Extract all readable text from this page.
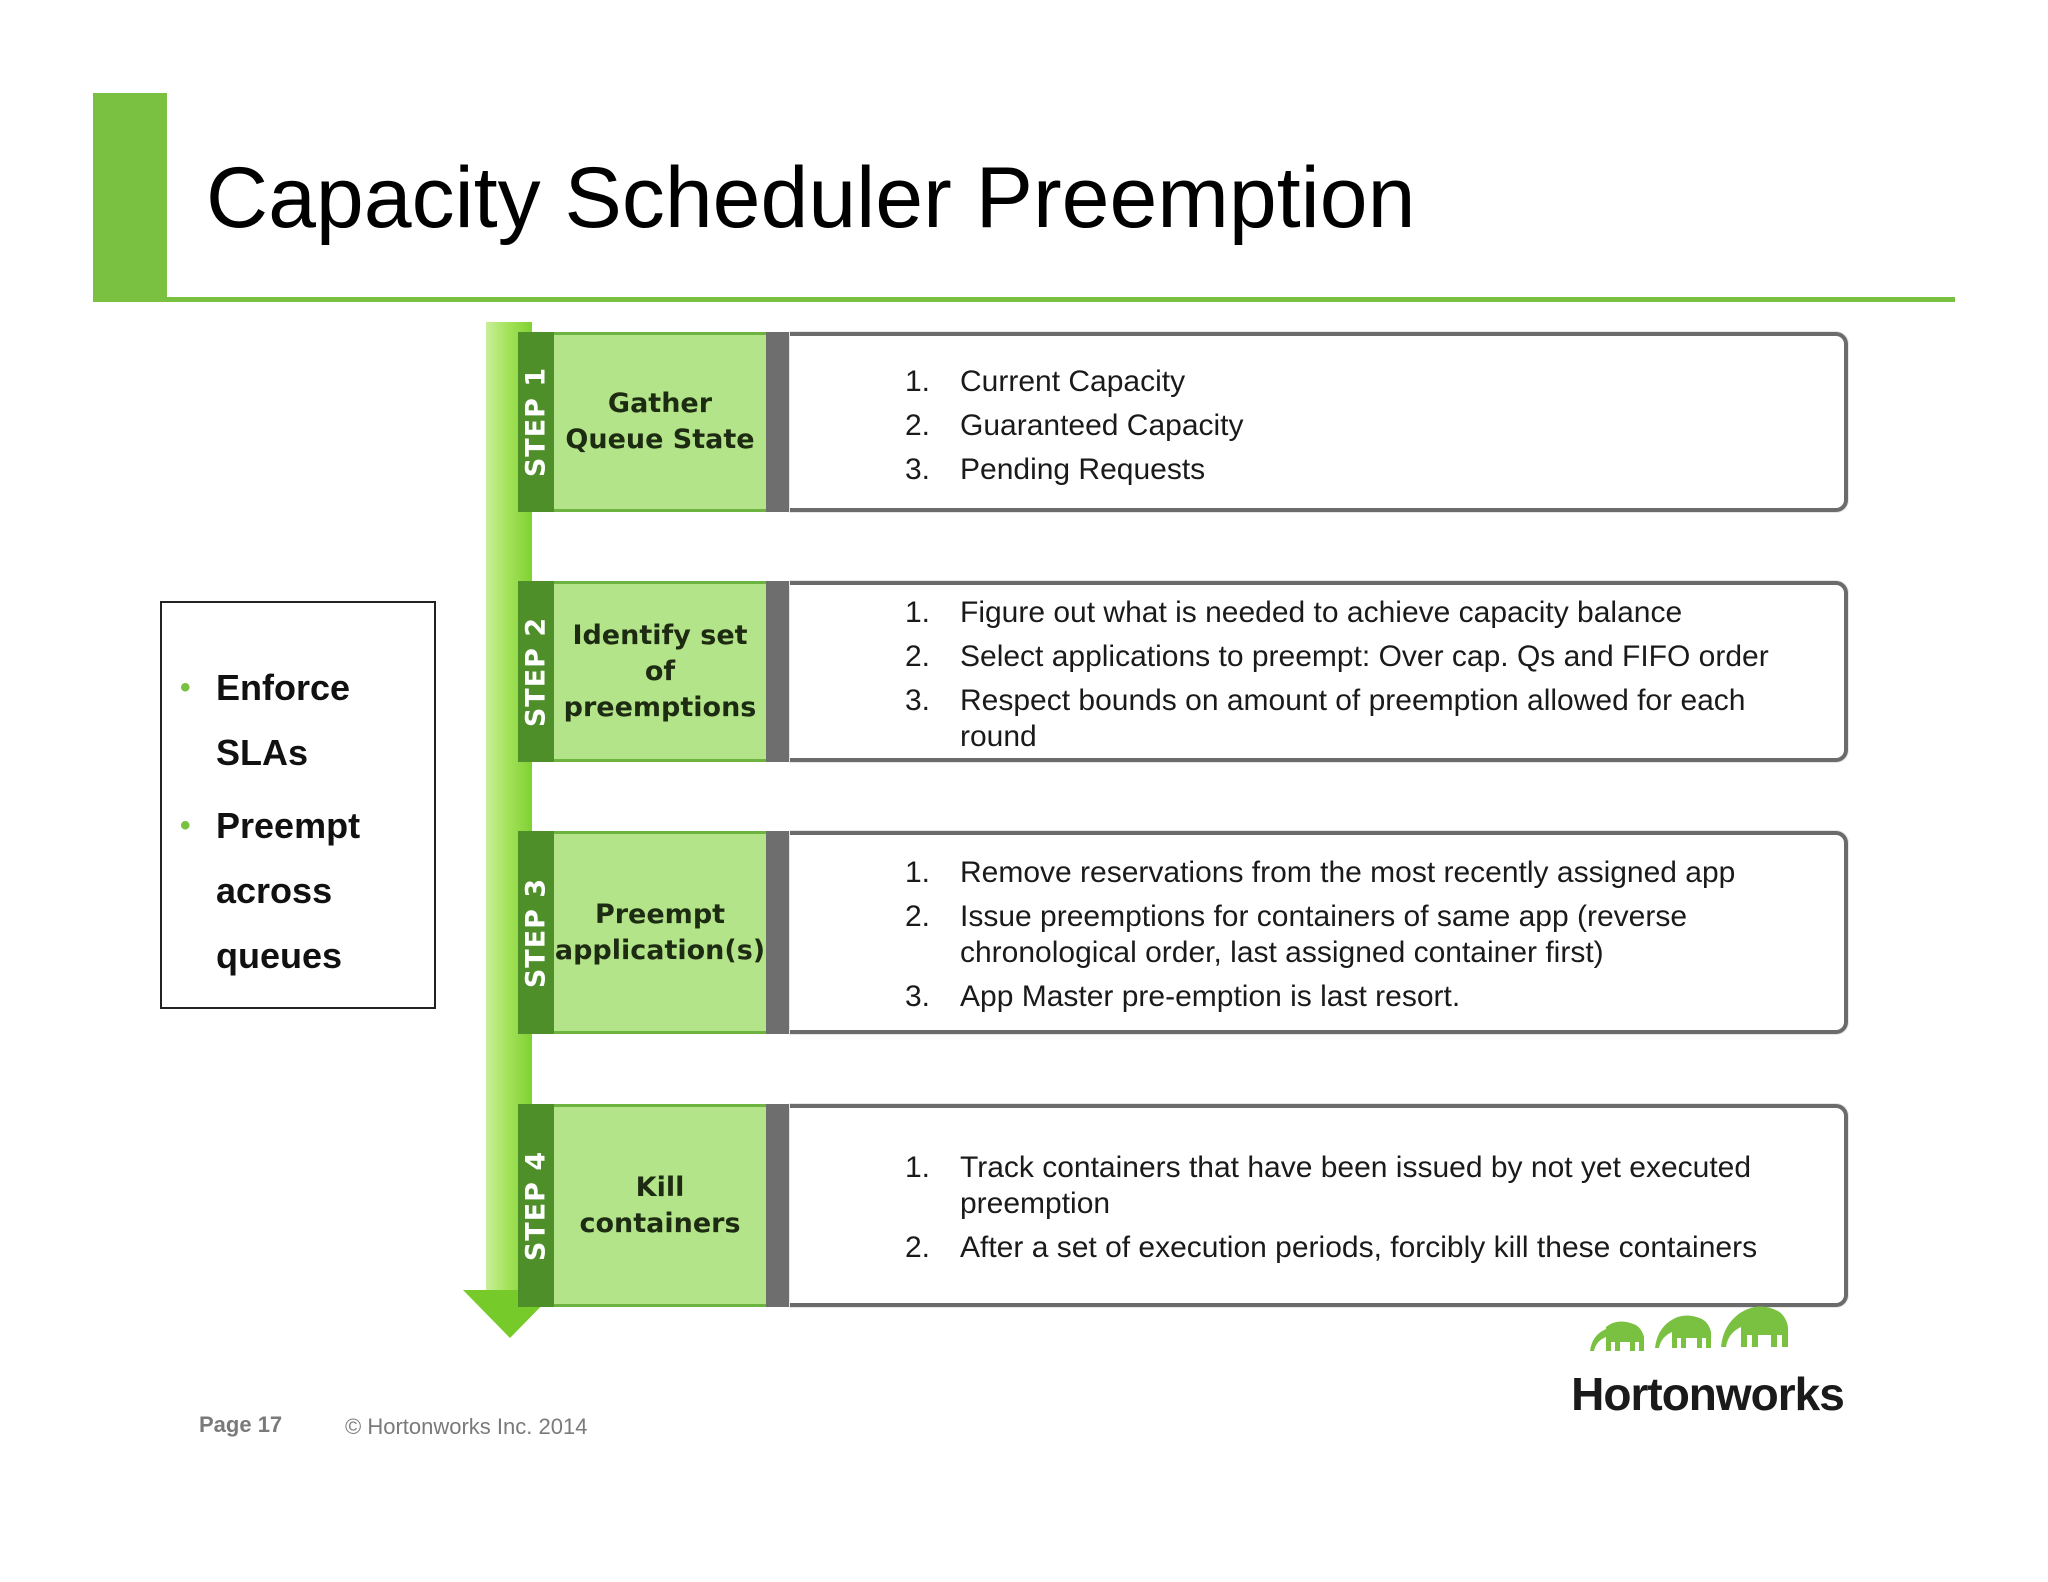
Capacity Scheduler Preemption
• Enforce SLAs
• Preempt across queues
STEP 1	Gather Queue State
1. Current Capacity
2. Guaranteed Capacity
3. Pending Requests
STEP 2 Identify set of preemptions
1. Figure out what is needed to achieve capacity balance
2. Select applications to preempt: Over cap. Qs and FIFO order
3. Respect bounds on amount of preemption allowed for each round
STEP 3	Preempt application(s)
1. Remove reservations from the most recently assigned app
2. Issue preemptions for containers of same app (reverse chronological order, last assigned container first)
3. App Master pre-emption is last resort.
STEP 4	Kill containers
1. Track containers that have been issued by not yet executed preemption
2. After a set of execution periods, forcibly kill these containers
Page 17	© Hortonworks Inc. 2014
Hortonworks
